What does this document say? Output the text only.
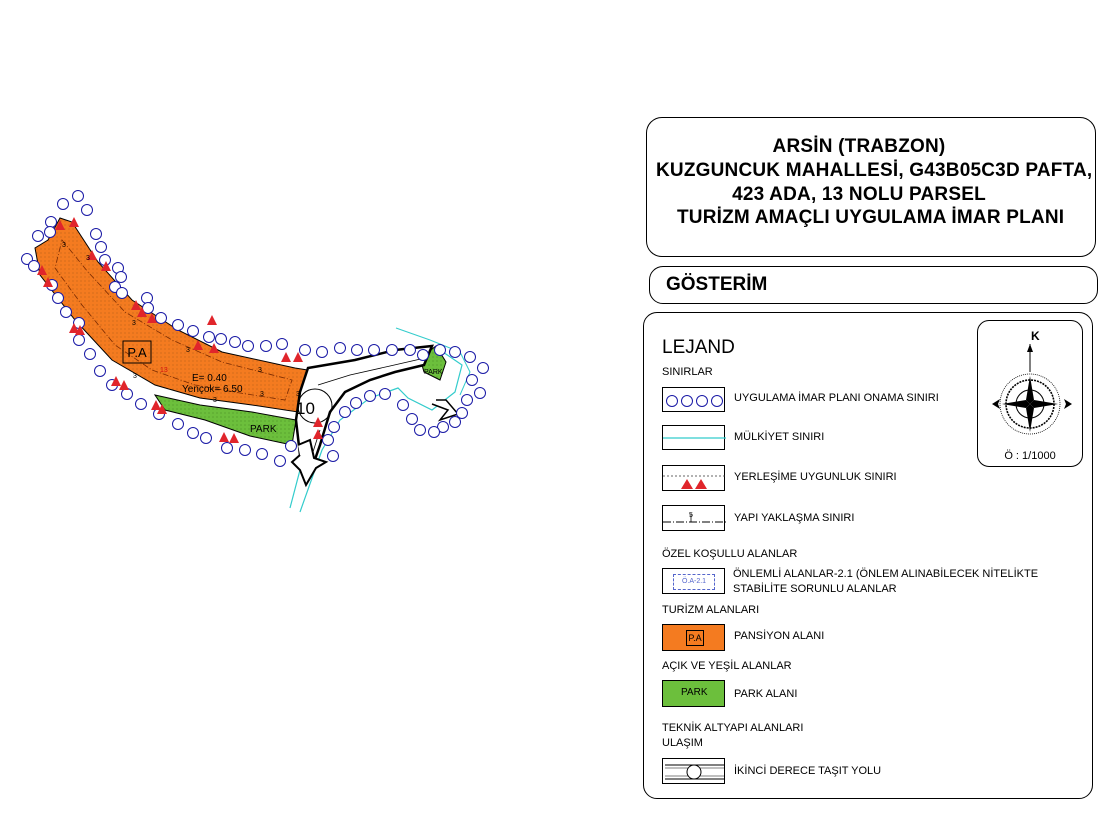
P.A
13
E= 0.40
Yençok= 6.50
PARK
PARK
10
3
3
3
3
3
3
3
3	3
ARSİN (TRABZON)
KUZGUNCUK MAHALLESİ, G43B05C3D PAFTA,
423 ADA, 13 NOLU PARSEL
TURİZM AMAÇLI UYGULAMA İMAR PLANI
GÖSTERİM
LEJAND
SINIRLAR
UYGULAMA İMAR PLANI ONAMA SINIRI
MÜLKİYET SINIRI
YERLEŞİME UYGUNLUK SINIRI
5	YAPI YAKLAŞMA SINIRI
ÖZEL KOŞULLU ALANLAR
Ö.A-2.1
ÖNLEMLİ ALANLAR-2.1 (ÖNLEM ALINABİLECEK NİTELİKTE
STABİLİTE SORUNLU ALANLAR
TURİZM ALANLARI
P.A	PANSİYON ALANI
AÇIK VE YEŞİL ALANLAR
PARK PARK ALANI
TEKNİK ALTYAPI ALANLARI
ULAŞIM
İKİNCİ DERECE TAŞIT YOLU
K
Ö : 1/1000
